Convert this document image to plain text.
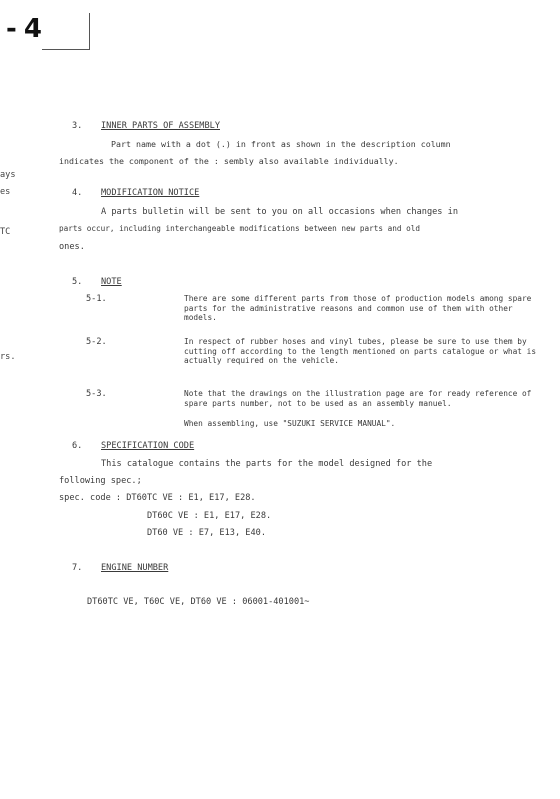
- 4
ays
es
TC
rs.
3. INNER PARTS OF ASSEMBLY
Part name with a dot (.) in front as shown in the description column
indicates the component of the : sembly also available individually.
4. MODIFICATION NOTICE
A parts bulletin will be sent to you on all occasions when changes in
parts occur, including interchangeable modifications between new parts and old
ones.
5. NOTE
5-1.	There are some different parts from those of production models among spare parts for the administrative reasons and common use of them with other models.
5-2.	In respect of rubber hoses and vinyl tubes, please be sure to use them by cutting off according to the length mentioned on parts catalogue or what is actually required on the vehicle.
5-3.	Note that the drawings on the illustration page are for ready reference of spare parts number, not to be used as an assembly manuel.
When assembling, use "SUZUKI SERVICE MANUAL".
6. SPECIFICATION CODE
This catalogue contains the parts for the model designed for the
following spec.;
spec. code : DT60TC VE : E1, E17, E28.
DT60C VE : E1, E17, E28.
DT60 VE : E7, E13, E40.
7. ENGINE NUMBER
DT60TC VE, T60C VE, DT60 VE : 06001-401001~
